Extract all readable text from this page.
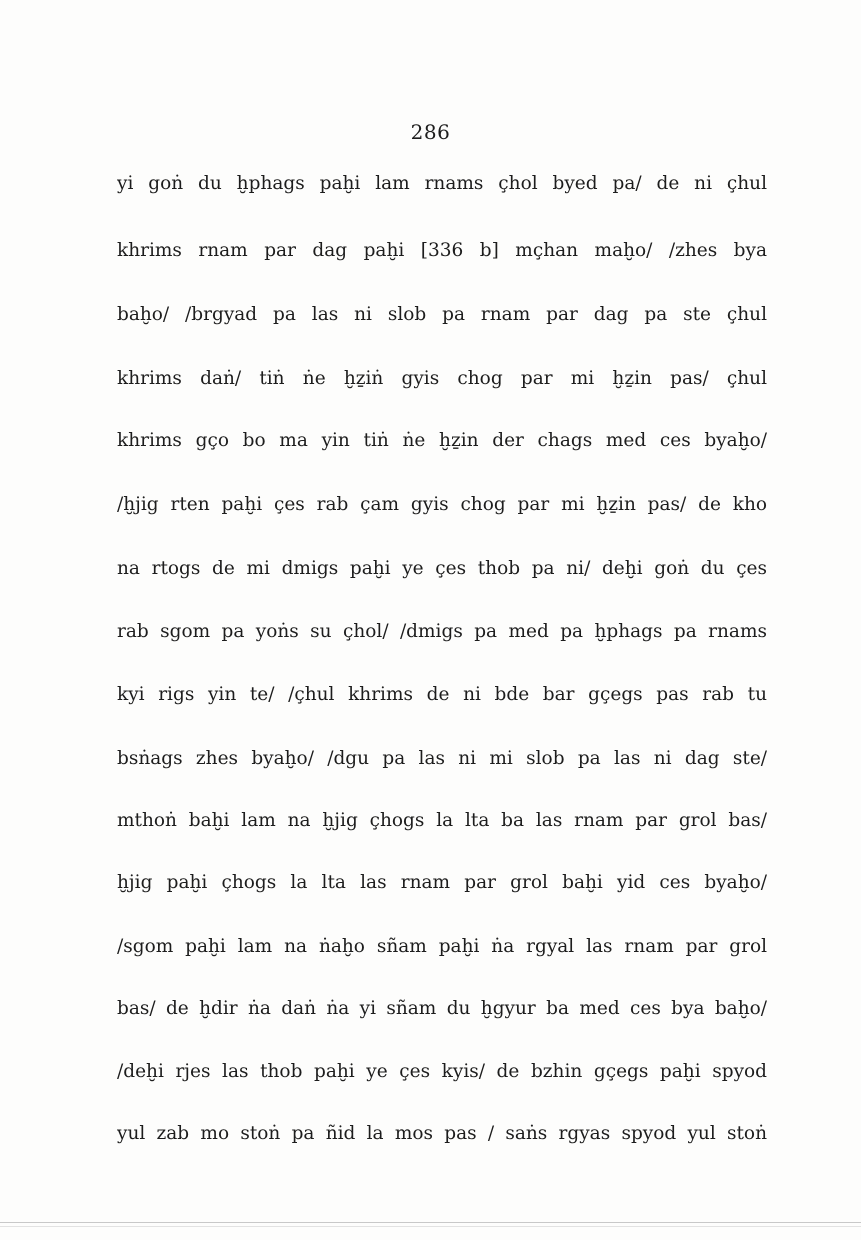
286
yi goṅ du ḫphags paḫi lam rnams çhol byed pa/ de ni çhul
khrims rnam par dag paḫi [336 b] mçhan maḫo/ /zhes bya
baḫo/ /brgyad pa las ni slob pa rnam par dag pa ste çhul
khrims daṅ/ tiṅ ṅe ḫẕiṅ gyis chog par mi ḫẕin pas/ çhul
khrims gço bo ma yin tiṅ ṅe ḫẕin der chags med ces byaḫo/
/ḫjig rten paḫi çes rab çam gyis chog par mi ḫẕin pas/ de kho
na rtogs de mi dmigs paḫi ye çes thob pa ni/ deḫi goṅ du çes
rab sgom pa yoṅs su çhol/ /dmigs pa med pa ḫphags pa rnams
kyi rigs yin te/ /çhul khrims de ni bde bar gçegs pas rab tu
bsṅags zhes byaḫo/ /dgu pa las ni mi slob pa las ni dag ste/
mthoṅ baḫi lam na ḫjig çhogs la lta ba las rnam par grol bas/
ḫjig paḫi çhogs la lta las rnam par grol baḫi yid ces byaḫo/
/sgom paḫi lam na ṅaḫo sñam paḫi ṅa rgyal las rnam par grol
bas/ de ḫdir ṅa daṅ ṅa yi sñam du ḫgyur ba med ces bya baḫo/
/deḫi rjes las thob paḫi ye çes kyis/ de bzhin gçegs paḫi spyod
yul zab mo stoṅ pa ñid la mos pas / saṅs rgyas spyod yul stoṅ
